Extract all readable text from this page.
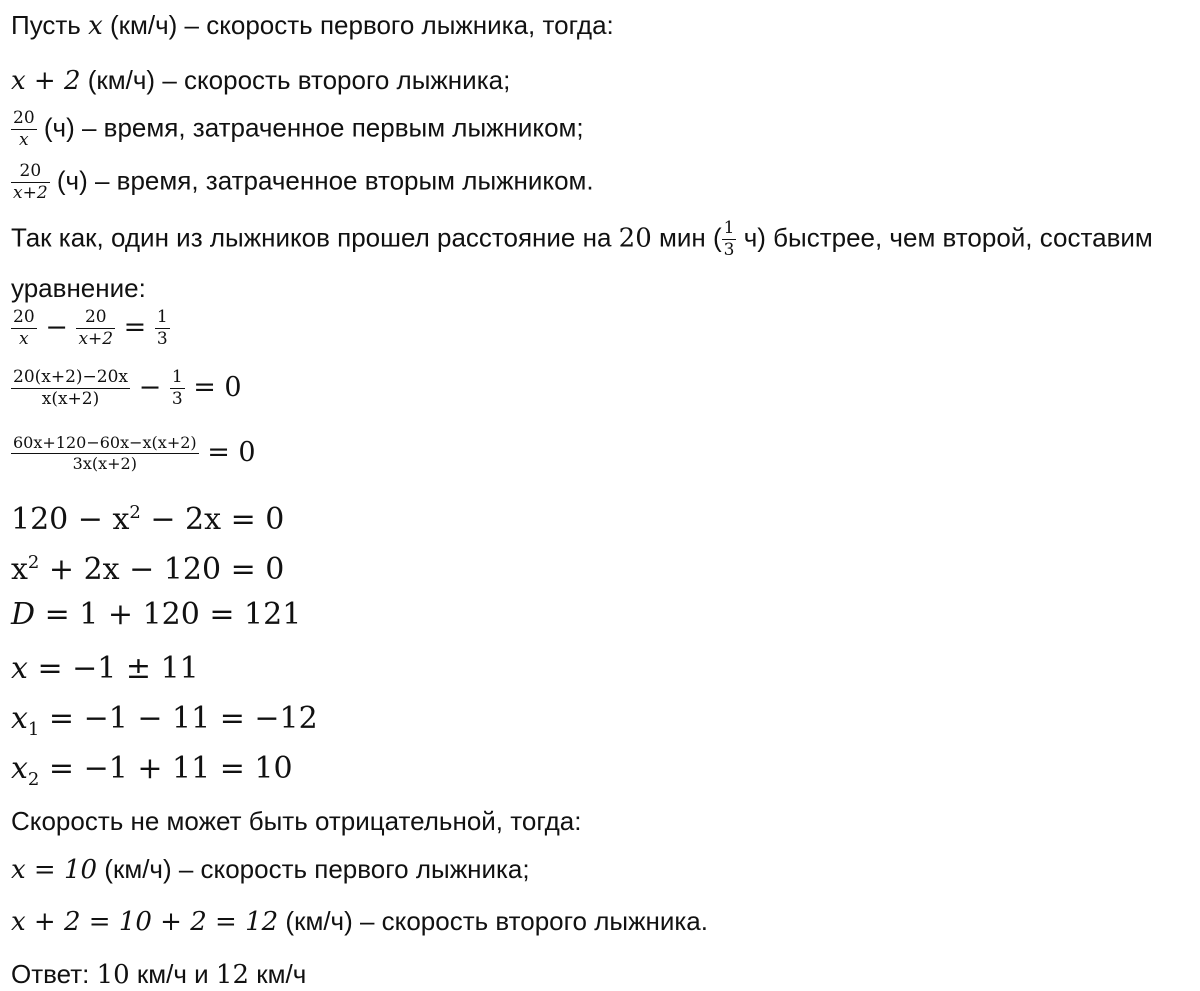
Пусть x (км/ч) – скорость первого лыжника, тогда:
x + 2 (км/ч) – скорость второго лыжника;
$\frac{20}{x} (ч)$ – время, затраченное первым лыжником;
$\frac{20}{x+2} (ч)$ – время, затраченное вторым лыжником.
Так как, один из лыжников прошел расстояние на 20 мин ( $\frac{1}{3} ч$) быстрее, чем второй, составим
уравнение:
$\frac{20}{x} - \frac{20}{x+2} = \frac{1}{3}$
$\frac{20(x+2)-20x}{x(x+2)} - \frac{1}{3} = 0$
$\frac{60x+120-60x-x(x+2)}{3x(x+2)} = 0$
$120 - x^2 - 2x = 0$
$x^2 + 2x - 120 = 0$
D = 1 + 120 = 121
x = −1 ± 11
$x_1 = -1 - 11 = -12$
$x_2 = -1 + 11 = 10$
Скорость не может быть отрицательной, тогда:
x = 10 (км/ч) – скорость первого лыжника;
x + 2 = 10 + 2 = 12 (км/ч) – скорость второго лыжника.
Ответ: 10 км/ч и 12 км/ч
